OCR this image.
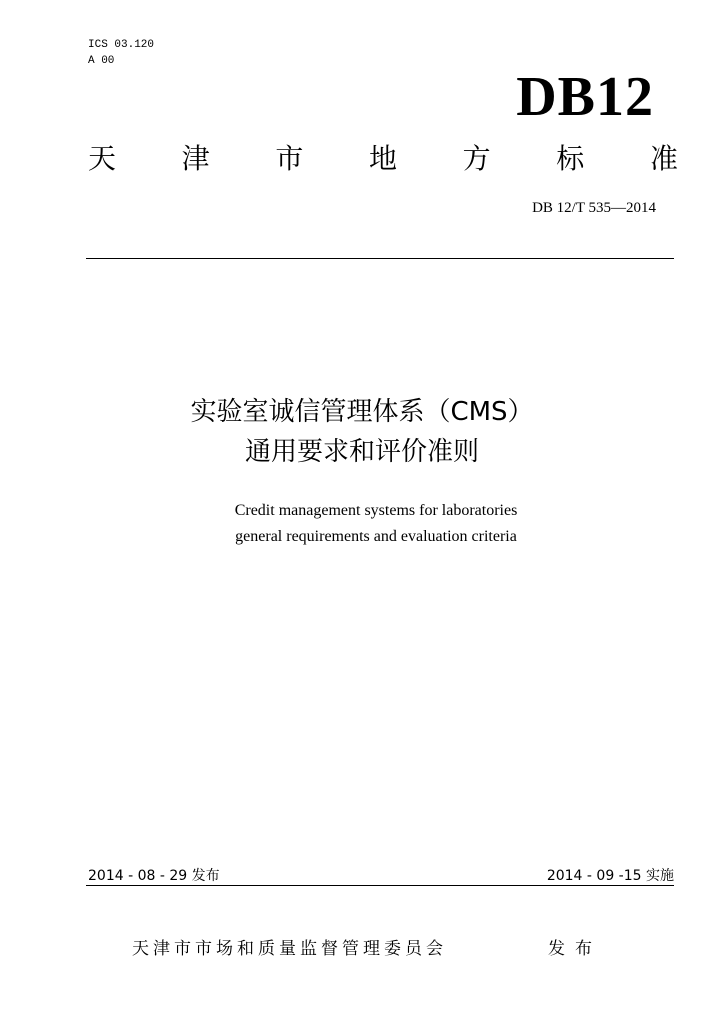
ICS 03.120
A 00
DB12
天 津 市 地 方 标 准
DB 12/T 535—2014
实验室诚信管理体系（CMS）
通用要求和评价准则
Credit management systems for laboratories
general requirements and evaluation criteria
2014 - 08 - 29 发布	2014 - 09 -15 实施
天津市市场和质量监督管理委员会	发布
